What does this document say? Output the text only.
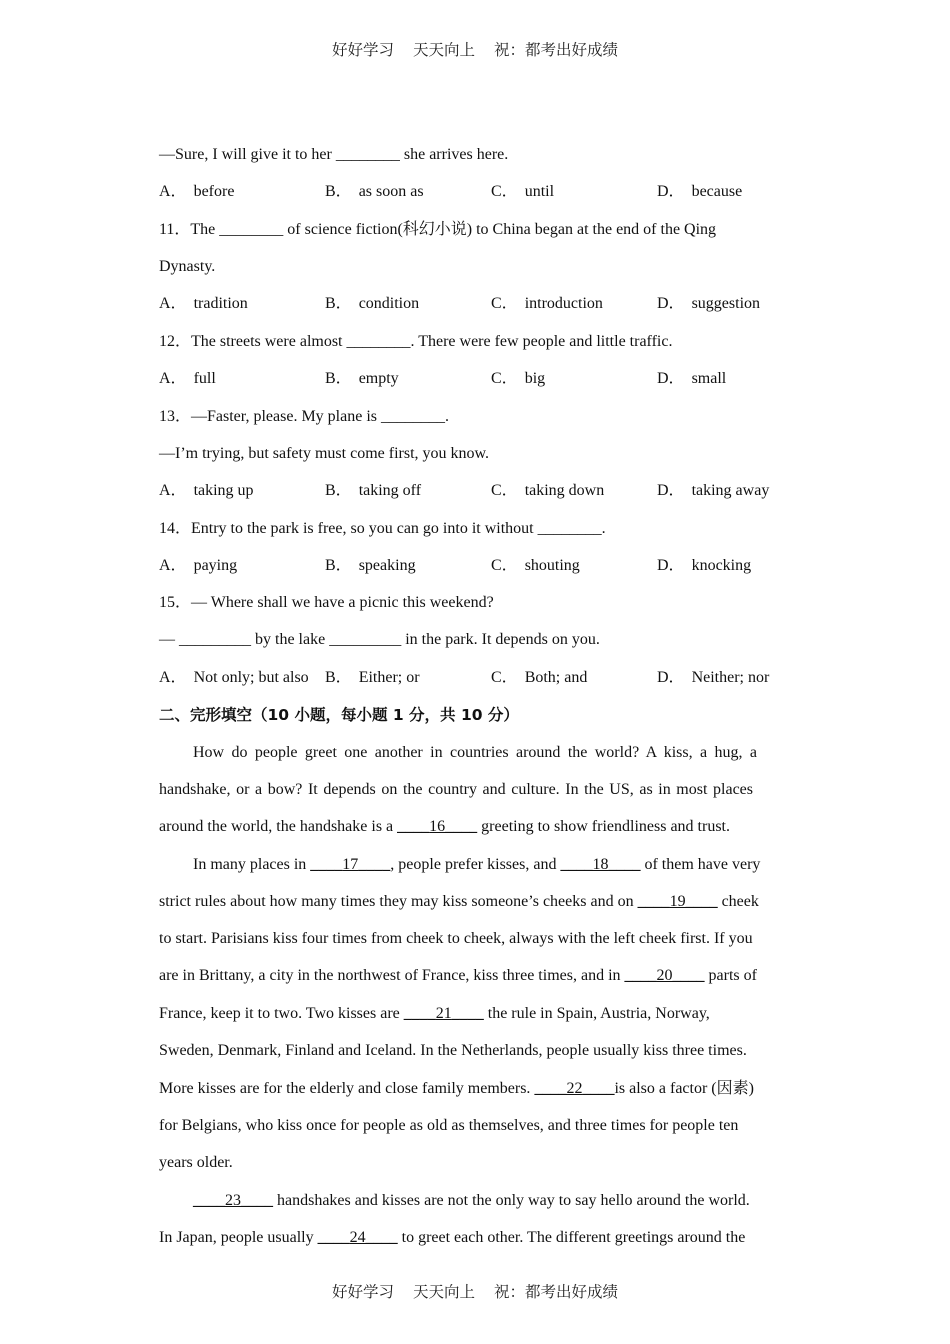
好好学习 天天向上 祝：都考出好成绩
—Sure, I will give it to her ________ she arrives here.
A． before	B． as soon as	C． until	D． because
11．The ________ of science fiction(科幻小说) to China began at the end of the Qing
Dynasty.
A． tradition	B． condition	C． introduction	D． suggestion
12．The streets were almost ________. There were few people and little traffic.
A． full	B． empty	C． big	D． small
13．—Faster, please. My plane is ________.
—I’m trying, but safety must come first, you know.
A． taking up	B． taking off	C． taking down	D． taking away
14．Entry to the park is free, so you can go into it without ________.
A． paying	B． speaking	C． shouting	D． knocking
15．— Where shall we have a picnic this weekend?
— _________ by the lake _________ in the park. It depends on you.
A． Not only; but also B． Either; or	C． Both; and	D． Neither; nor
二、完形填空（10 小题，每小题 1 分，共 10 分）
How do people greet one another in countries around the world? A kiss, a hug, a
handshake, or a bow? It depends on the country and culture. In the US, as in most places
around the world, the handshake is a ____16____ greeting to show friendliness and trust.
In many places in ____17____, people prefer kisses, and ____18____ of them have very
strict rules about how many times they may kiss someone’s cheeks and on ____19____ cheek
to start. Parisians kiss four times from cheek to cheek, always with the left cheek first. If you
are in Brittany, a city in the northwest of France, kiss three times, and in ____20____ parts of
France, keep it to two. Two kisses are ____21____ the rule in Spain, Austria, Norway,
Sweden, Denmark, Finland and Iceland. In the Netherlands, people usually kiss three times.
More kisses are for the elderly and close family members. ____22____is also a factor (因素)
for Belgians, who kiss once for people as old as themselves, and three times for people ten
years older.
____23____ handshakes and kisses are not the only way to say hello around the world.
In Japan, people usually ____24____ to greet each other. The different greetings around the
好好学习 天天向上 祝：都考出好成绩
